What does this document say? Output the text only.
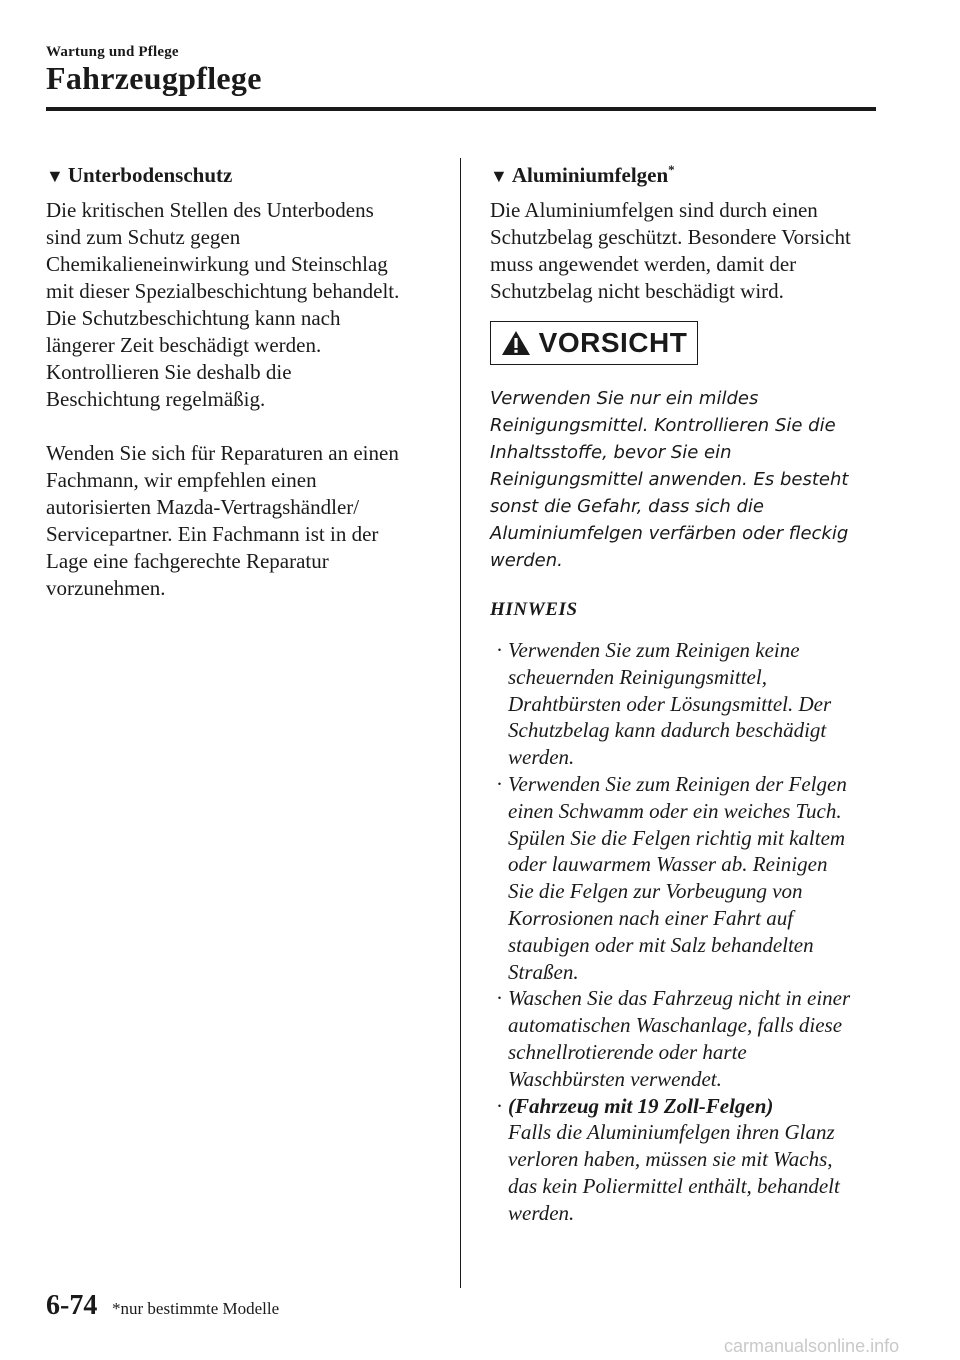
Wartung und Pflege
Fahrzeugpflege
▼ Unterbodenschutz

Die kritischen Stellen des Unterbodens
sind zum Schutz gegen
Chemikalieneinwirkung und Steinschlag
mit dieser Spezialbeschichtung behandelt.
Die Schutzbeschichtung kann nach
längerer Zeit beschädigt werden.
Kontrollieren Sie deshalb die
Beschichtung regelmäßig.

Wenden Sie sich für Reparaturen an einen
Fachmann, wir empfehlen einen
autorisierten Mazda-Vertragshändler/
Servicepartner. Ein Fachmann ist in der
Lage eine fachgerechte Reparatur
vorzunehmen.

▼ Aluminiumfelgen*

Die Aluminiumfelgen sind durch einen
Schutzbelag geschützt. Besondere Vorsicht
muss angewendet werden, damit der
Schutzbelag nicht beschädigt wird.

VORSICHT
Verwenden Sie nur ein mildes
Reinigungsmittel. Kontrollieren Sie die
Inhaltsstoffe, bevor Sie ein
Reinigungsmittel anwenden. Es besteht
sonst die Gefahr, dass sich die
Aluminiumfelgen verfärben oder fleckig
werden.
HINWEIS
· Verwenden Sie zum Reinigen keine
scheuernden Reinigungsmittel,
Drahtbürsten oder Lösungsmittel. Der
Schutzbelag kann dadurch beschädigt
werden.
· Verwenden Sie zum Reinigen der Felgen
einen Schwamm oder ein weiches Tuch.
Spülen Sie die Felgen richtig mit kaltem
oder lauwarmem Wasser ab. Reinigen
Sie die Felgen zur Vorbeugung von
Korrosionen nach einer Fahrt auf
staubigen oder mit Salz behandelten
Straßen.
· Waschen Sie das Fahrzeug nicht in einer
automatischen Waschanlage, falls diese
schnellrotierende oder harte
Waschbürsten verwendet.
· (Fahrzeug mit 19 Zoll-Felgen)
Falls die Aluminiumfelgen ihren Glanz
verloren haben, müssen sie mit Wachs,
das kein Poliermittel enthält, behandelt
werden.
6-74 *nur bestimmte Modelle
carmanualsonline.info
